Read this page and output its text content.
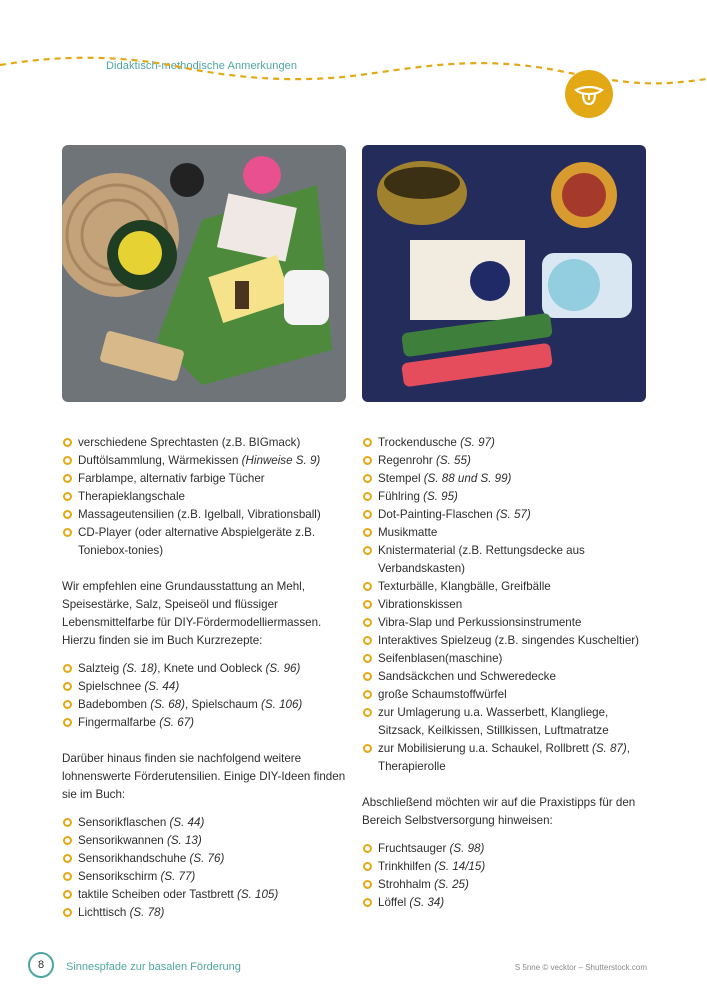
Didaktisch-methodische Anmerkungen
verschiedene Sprechtasten (z.B. BIGmack)
Duftölsammlung, Wärmekissen (Hinweise S. 9)
Farblampe, alternativ farbige Tücher
Therapieklangschale
Massageutensilien (z.B. Igelball, Vibrationsball)
CD-Player (oder alternative Abspielgeräte z.B. Toniebox-tonies)

Wir empfehlen eine Grundausstattung an Mehl, Speisestärke, Salz, Speiseöl und flüssiger Lebensmittelfarbe für DIY-Fördermodelliermassen. Hierzu finden sie im Buch Kurzrezepte:

Salzteig (S. 18), Knete und Oobleck (S. 96)
Spielschnee (S. 44)
Badebomben (S. 68), Spielschaum (S. 106)
Fingermalfarbe (S. 67)

Darüber hinaus finden sie nachfolgend weitere lohnenswerte Förderutensilien. Einige DIY-Ideen finden sie im Buch:

Sensorikflaschen (S. 44)
Sensorikwannen (S. 13)
Sensorikhandschuhe (S. 76)
Sensorikschirm (S. 77)
taktile Scheiben oder Tastbrett (S. 105)
Lichttisch (S. 78)
Trockendusche (S. 97)
Regenrohr (S. 55)
Stempel (S. 88 und S. 99)
Fühlring (S. 95)
Dot-Painting-Flaschen (S. 57)
Musikmatte
Knistermaterial (z.B. Rettungsdecke aus Verbandskasten)
Texturbälle, Klangbälle, Greifbälle
Vibrationskissen
Vibra-Slap und Perkussionsinstrumente
Interaktives Spielzeug (z.B. singendes Kuscheltier)
Seifenblasen(maschine)
Sandsäckchen und Schweredecke
große Schaumstoffwürfel
zur Umlagerung u.a. Wasserbett, Klangliege, Sitzsack, Keilkissen, Stillkissen, Luftmatratze
zur Mobilisierung u.a. Schaukel, Rollbrett (S. 87), Therapierolle

Abschließend möchten wir auf die Praxistipps für den Bereich Selbstversorgung hinweisen:

Fruchtsauger (S. 98)
Trinkhilfen (S. 14/15)
Strohhalm (S. 25)
Löffel (S. 34)
8	Sinnespfade zur basalen Förderung	S 5nne © vecktor – Shutterstock.com
